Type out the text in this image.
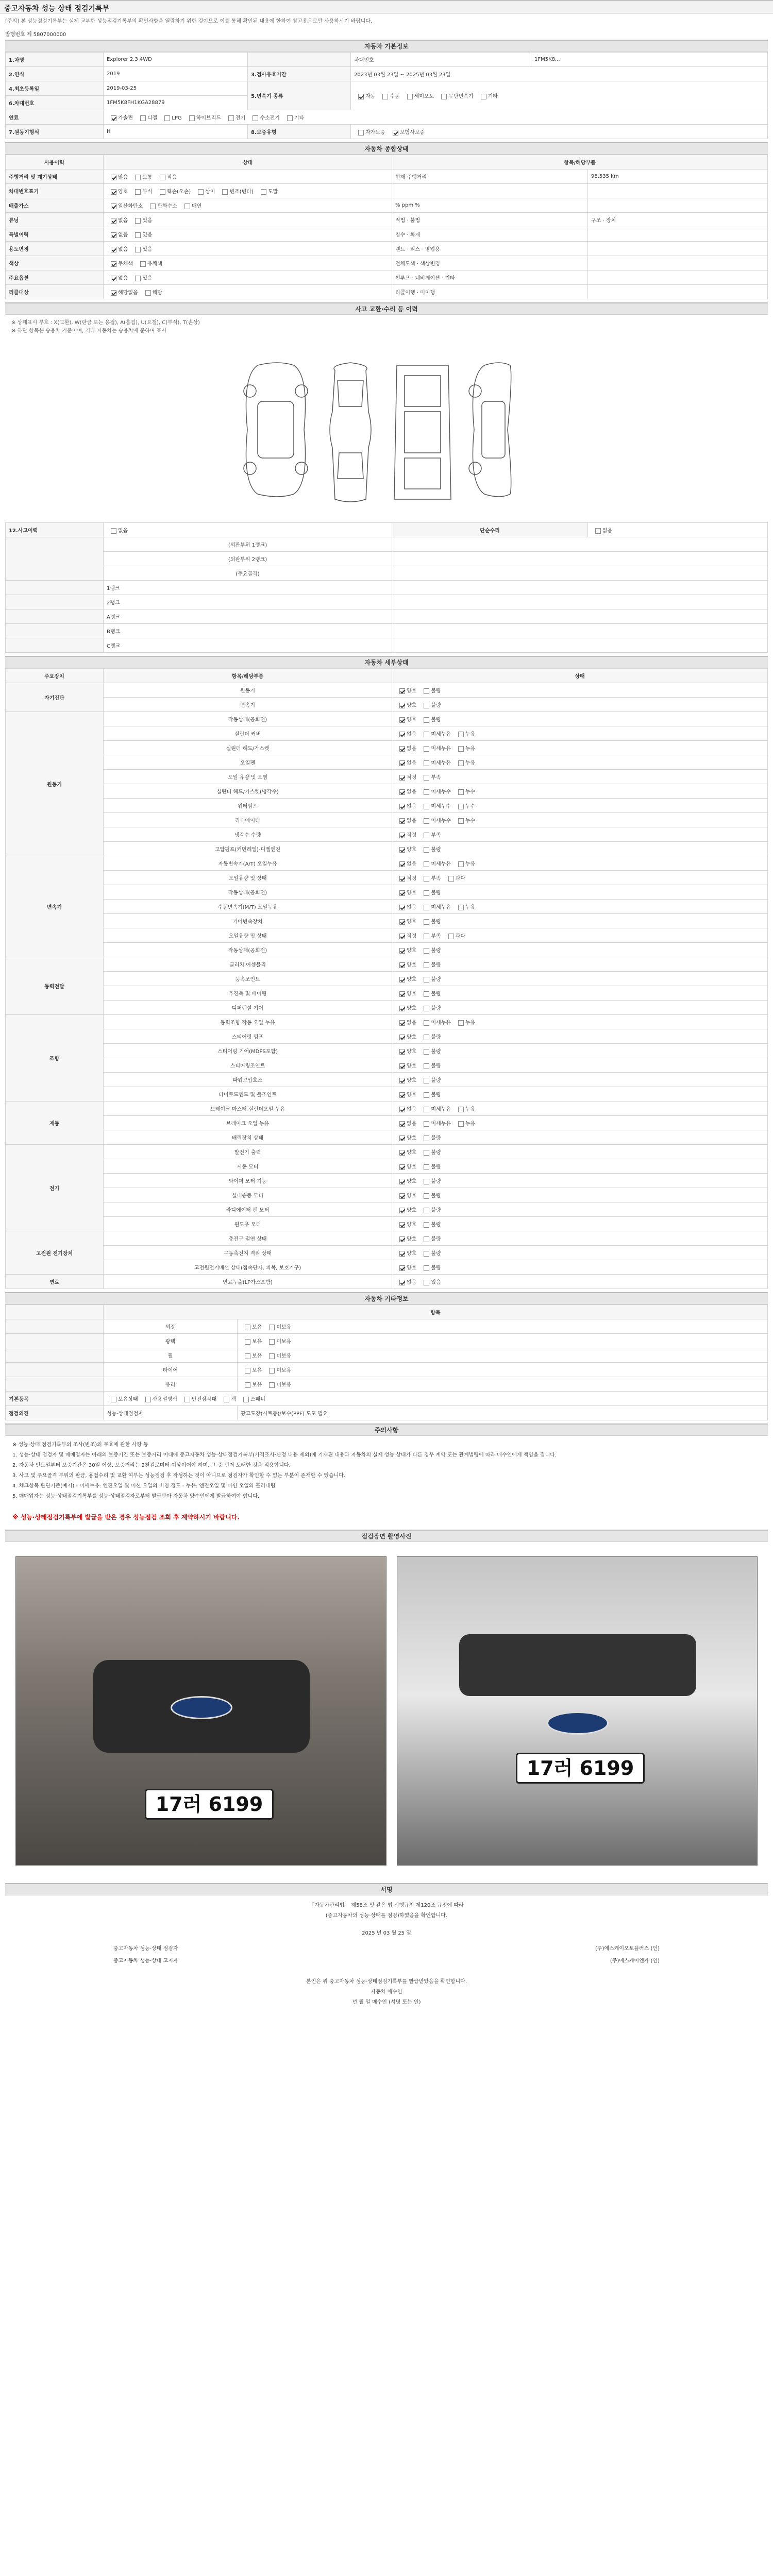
중고자동차 성능 상태 점검기록부
[주의] 본 성능점검기록부는 실제 교부한 성능점검기록부의 확인사항을 열람하기 위한 것이므로 이를 통해 확인된 내용에 한하여 참고용으로만 사용하시기 바랍니다.
발행번호 제 5807000000
자동차 기본정보
1.차명	Explorer 2.3 4WD		차대번호	1FM5K8...
2.연식	2019	3.검사유효기간	2023년 03월 23일 ~ 2025년 03월 23일	
4.최초등록일	2019-03-25	5.변속기 종류	자동 수동 세미오토 무단변속기 기타	
6.차대번호	1FM5K8FH1KGA28879			
연료	가솔린 디젤 LPG 하이브리드 전기 수소전기 기타			
7.원동기형식	H	8.보증유형	자가보증 보험사보증	
자동차 종합상태
사용이력	상태	항목/해당부품	
주행거리 및 계기상태	많음 보통 적음	현재 주행거리	98,535 km
차대번호표기	양호 부식 훼손(오손) 상이 변조(변타) 도말		
배출가스	일산화탄소 탄화수소 매연	% ppm %	
튜닝	없음 있음	적법 · 불법	구조 · 장치
특별이력	없음 있음	침수 · 화재	
용도변경	없음 있음	렌트 · 리스 · 영업용	
색상	무채색 유채색	전체도색 · 색상변경	
주요옵션	없음 있음	썬루프 · 네비게이션 · 기타	
리콜대상	해당없음 해당	리콜이행 · 미이행	
사고 교환·수리 등 이력
※ 상태표시 부호 : X(교환), W(판금 또는 용접), A(흠집), U(요철), C(부식), T(손상)
※ 하단 항목은 승용차 기준이며, 기타 자동차는 승용차에 준하여 표시
12.사고이력	없음	단순수리	없음
	(외판부위 1랭크)		
	(외판부위 2랭크)		
	(주요골격)		
	1랭크		
	2랭크		
	A랭크		
	B랭크		
	C랭크		
자동차 세부상태
주요장치	항목/해당부품	상태
자기진단	원동기	양호 불량
	변속기	양호 불량
원동기	작동상태(공회전)	양호 불량
	실린더 커버	없음 미세누유 누유
	실린더 헤드/가스켓	없음 미세누유 누유
	오일팬	없음 미세누유 누유
	오일 유량 및 오염	적정 부족
	실린더 헤드/가스켓(냉각수)	없음 미세누수 누수
	워터펌프	없음 미세누수 누수
	라디에이터	없음 미세누수 누수
	냉각수 수량	적정 부족
	고압펌프(커먼레일)-디젤엔진	양호 불량
변속기	자동변속기(A/T) 오일누유	없음 미세누유 누유
	오일유량 및 상태	적정 부족 과다
	작동상태(공회전)	양호 불량
	수동변속기(M/T) 오일누유	없음 미세누유 누유
	기어변속장치	양호 불량
	오일유량 및 상태	적정 부족 과다
	작동상태(공회전)	양호 불량
동력전달	클러치 어셈블리	양호 불량
	등속조인트	양호 불량
	추진축 및 베어링	양호 불량
	디퍼렌셜 기어	양호 불량
조향	동력조향 작동 오일 누유	없음 미세누유 누유
	스티어링 펌프	양호 불량
	스티어링 기어(MDPS포함)	양호 불량
	스티어링조인트	양호 불량
	파워고압호스	양호 불량
	타이로드엔드 및 볼조인트	양호 불량
제동	브레이크 마스터 실린더오일 누유	없음 미세누유 누유
	브레이크 오일 누유	없음 미세누유 누유
	배력장치 상태	양호 불량
전기	발전기 출력	양호 불량
	시동 모터	양호 불량
	와이퍼 모터 기능	양호 불량
	실내송풍 모터	양호 불량
	라디에이터 팬 모터	양호 불량
	윈도우 모터	양호 불량
고전원 전기장치	충전구 절연 상태	양호 불량
	구동축전지 격리 상태	양호 불량
	고전원전기배선 상태(접속단자, 피복, 보호기구)	양호 불량
연료	연료누출(LP가스포함)	없음 있음
자동차 기타정보
	항목	
	외장	보유 미보유
	광택	보유 미보유
	휠	보유 미보유
	타이어	보유 미보유
	유리	보유 미보유
기본품목	보유상태 사용설명서 안전삼각대 잭 스패너	
점검의견	성능·상태점검자	광고도장(시트등)/보수(PPF) 도포 필요
주의사항

※ 성능·상태 점검기록부의 조사(변조)의 무효에 관한 사항 등

1. 성능·상태 점검자 및 매매업자는 아래의 보증기간 또는 보증거리 이내에 중고자동차 성능·상태점검기록부(가격조사·산정 내용 제외)에 기재된 내용과 자동차의 실제 성능·상태가 다른 경우 계약 또는 관계법령에 따라 매수인에게 책임을 집니다.

2. 자동차 인도일부터 보증기간은 30일 이상, 보증거리는 2천킬로미터 이상이어야 하며, 그 중 먼저 도래한 것을 적용합니다.

3. 사고 및 주요골격 부위의 판금, 용접수리 및 교환 여부는 성능점검 후 작성하는 것이 아니므로 점검자가 확인할 수 없는 부분이 존재할 수 있습니다.

4. 체크항목 판단기준(예시) - 미세누유: 엔진오일 및 미션 오일의 비침 정도 - 누유: 엔진오일 및 미션 오일의 흘러내림

5. 매매업자는 성능·상태점검기록부를 성능·상태점검자로부터 발급받아 자동차 양수인에게 발급하여야 합니다.

※ 성능·상태점검기록부에 발급을 받은 경우 성능점검 조회 후 계약하시기 바랍니다.
점검장면 촬영사진
17러 6199
17러 6199
서명
「자동차관리법」 제58조 및 같은 법 시행규칙 제120조 규정에 따라
(중고자동차의 성능·상태를 점검)하였음을 확인합니다.
2025 년 03 월 25 일
중고자동차 성능·상태 점검자	(주)에스케이오토플러스 (인)
중고자동차 성능·상태 고지자	(주)에스케이엔카 (인)
본인은 위 중고자동차 성능·상태점검기록부를 발급받았음을 확인합니다.
자동차 매수인
년 월 일 매수인 (서명 또는 인)
